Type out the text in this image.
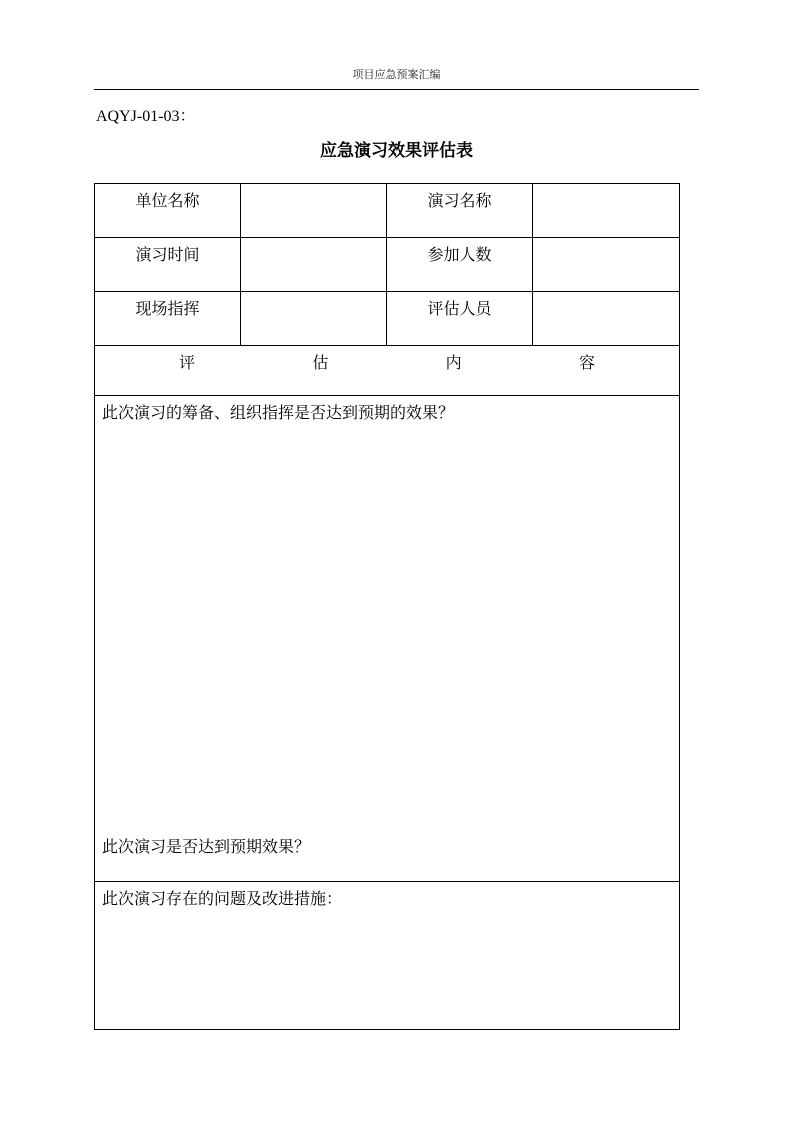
项目应急预案汇编
AQYJ-01-03：
应急演习效果评估表
单位名称		演习名称	
演习时间		参加人数	
现场指挥		评估人员	

评 估 内 容			

此次演习的筹备、组织指挥是否达到预期的效果？
此次演习是否达到预期效果？			

此次演习存在的问题及改进措施：			
